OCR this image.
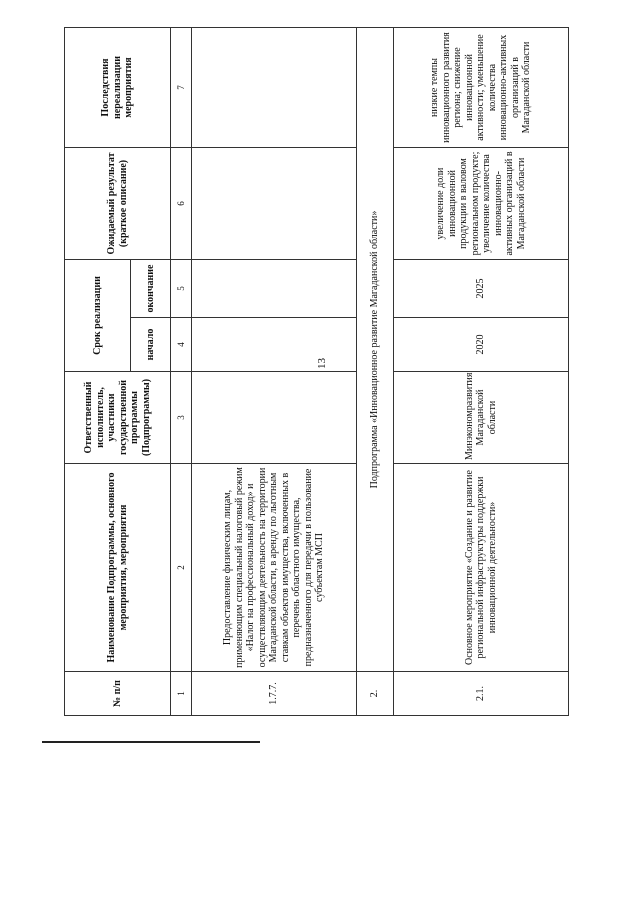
13
№ п/п	Наименование Подпрограммы, основного мероприятия, мероприятия	Ответственный исполнитель, участники государственной программы (Подпрограммы)	Срок реализации		Ожидаемый результат (краткое описание)	Последствия нереализации мероприятия
			начало	окончание		
1	2	3	4	5	6	7
1.7.7.	Предоставление физическим лицам, применяющим специальный налоговый режим «Налог на профессиональный доход» и осуществляющим деятельность на территории Магаданской области, в аренду по льготным ставкам объектов имущества, включенных в перечень областного имущества, предназначенного для передачи в пользование субъектам МСП					
2.	Подпрограмма «Инновационное развитие Магаданской области»					
2.1.	Основное мероприятие «Создание и развитие региональной инфраструктуры поддержки инновационной деятельности»	Минэкономразвития Магаданской области	2020	2025	увеличение доли инновационной продукции в валовом региональном продукте; увеличение количества инновационно-активных организаций в Магаданской области	низкие темпы инновационного развития региона; снижение инновационной активности; уменьшение количества инновационно-активных организаций в Магаданской области
